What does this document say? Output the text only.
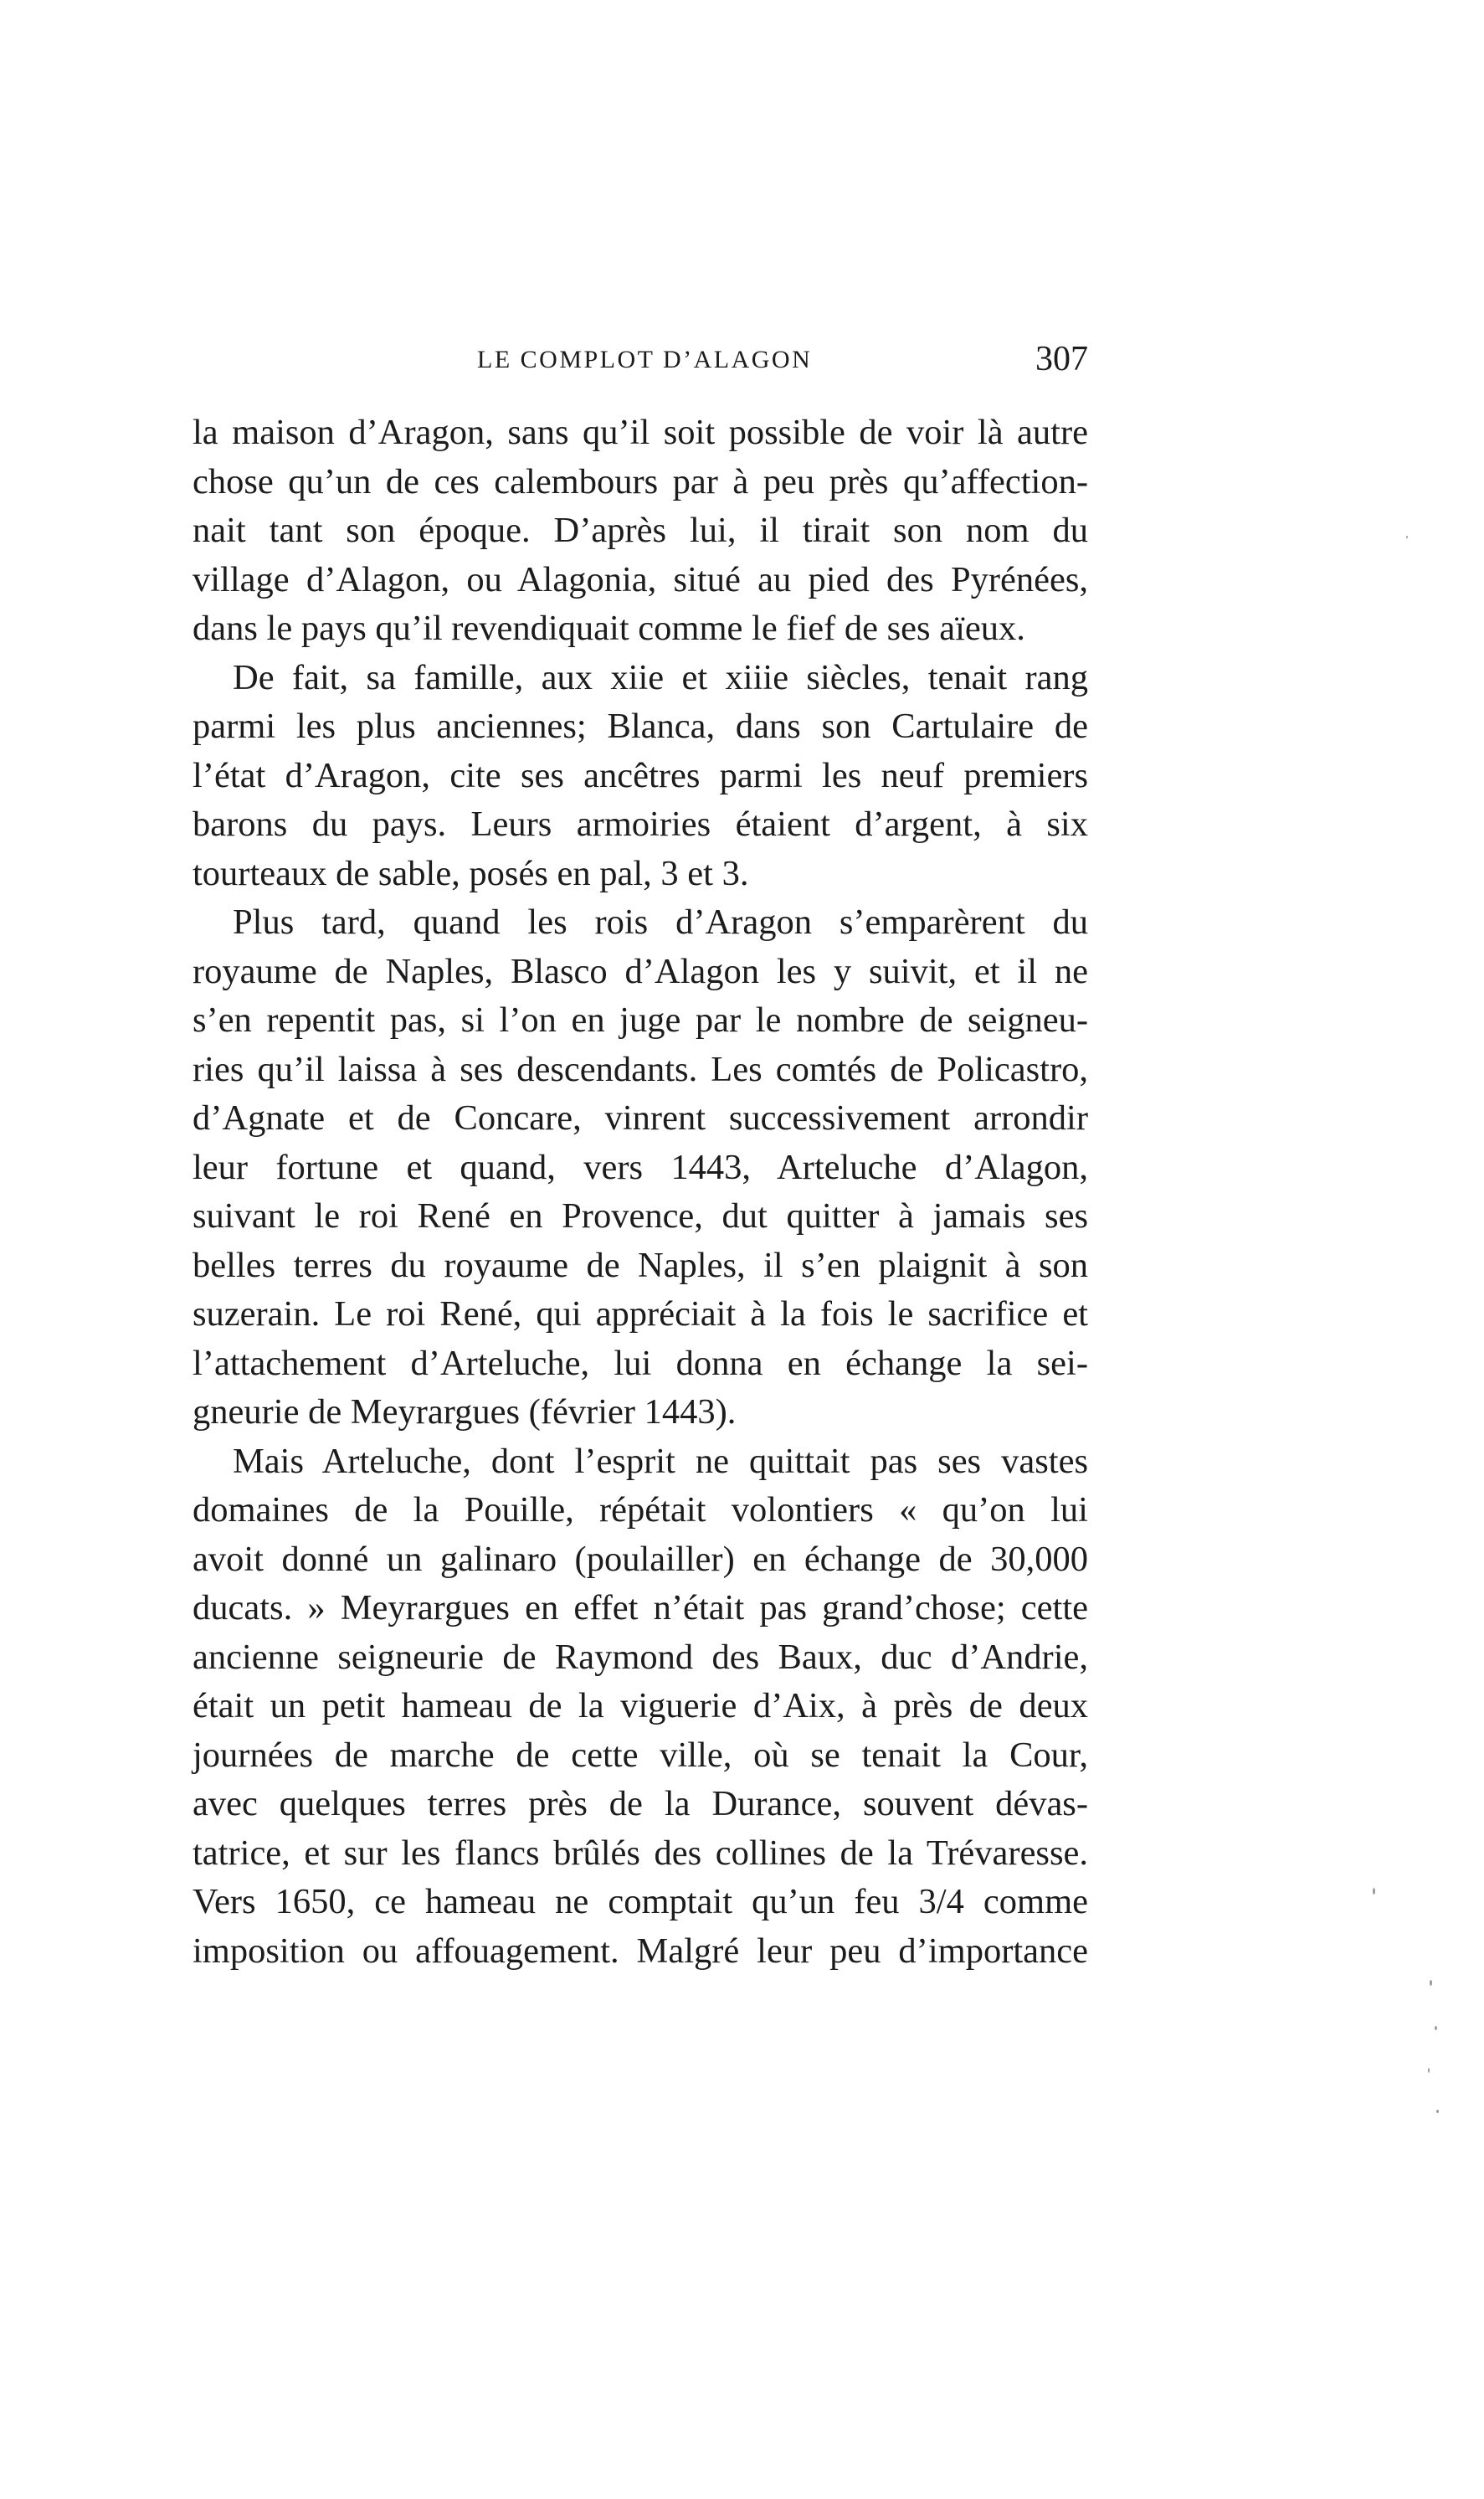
LE COMPLOT D’ALAGON	307
la maison d’Aragon, sans qu’il soit possible de voir là autre
chose qu’un de ces calembours par à peu près qu’affection-
nait tant son époque. D’après lui, il tirait son nom du
village d’Alagon, ou Alagonia, situé au pied des Pyrénées,
dans le pays qu’il revendiquait comme le fief de ses aïeux.
De fait, sa famille, aux xiie et xiiie siècles, tenait rang
parmi les plus anciennes; Blanca, dans son Cartulaire de
l’état d’Aragon, cite ses ancêtres parmi les neuf premiers
barons du pays. Leurs armoiries étaient d’argent, à six
tourteaux de sable, posés en pal, 3 et 3.
Plus tard, quand les rois d’Aragon s’emparèrent du
royaume de Naples, Blasco d’Alagon les y suivit, et il ne
s’en repentit pas, si l’on en juge par le nombre de seigneu-
ries qu’il laissa à ses descendants. Les comtés de Policastro,
d’Agnate et de Concare, vinrent successivement arrondir
leur fortune et quand, vers 1443, Arteluche d’Alagon,
suivant le roi René en Provence, dut quitter à jamais ses
belles terres du royaume de Naples, il s’en plaignit à son
suzerain. Le roi René, qui appréciait à la fois le sacrifice et
l’attachement d’Arteluche, lui donna en échange la sei-
gneurie de Meyrargues (février 1443).
Mais Arteluche, dont l’esprit ne quittait pas ses vastes
domaines de la Pouille, répétait volontiers « qu’on lui
avoit donné un galinaro (poulailler) en échange de 30,000
ducats. » Meyrargues en effet n’était pas grand’chose; cette
ancienne seigneurie de Raymond des Baux, duc d’Andrie,
était un petit hameau de la viguerie d’Aix, à près de deux
journées de marche de cette ville, où se tenait la Cour,
avec quelques terres près de la Durance, souvent dévas-
tatrice, et sur les flancs brûlés des collines de la Trévaresse.
Vers 1650, ce hameau ne comptait qu’un feu 3/4 comme
imposition ou affouagement. Malgré leur peu d’importance
